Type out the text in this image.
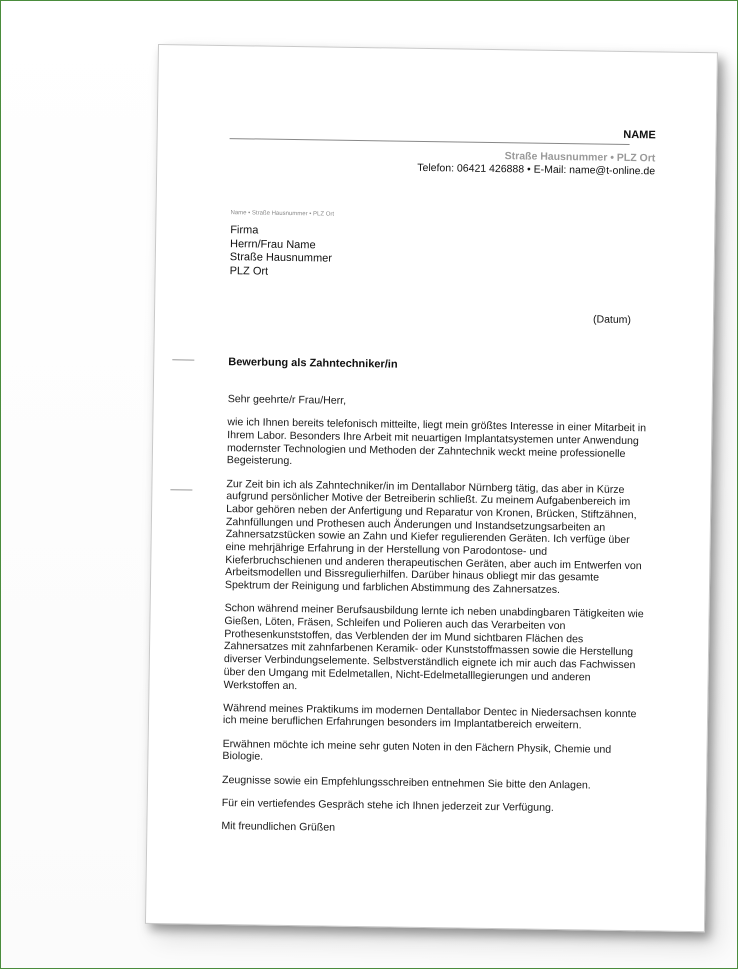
NAME
Straße Hausnummer • PLZ Ort
Telefon: 06421 426888 • E-Mail: name@t-online.de
Name • Straße Hausnummer • PLZ Ort
Firma
Herrn/Frau Name
Straße Hausnummer
PLZ Ort
(Datum)
Bewerbung als Zahntechniker/in

Sehr geehrte/r Frau/Herr,

wie ich Ihnen bereits telefonisch mitteilte, liegt mein größtes Interesse in einer Mitarbeit in Ihrem Labor. Besonders Ihre Arbeit mit neuartigen Implantatsystemen unter Anwendung modernster Technologien und Methoden der Zahntechnik weckt meine professionelle Begeisterung.

Zur Zeit bin ich als Zahntechniker/in im Dentallabor Nürnberg tätig, das aber in Kürze aufgrund persönlicher Motive der Betreiberin schließt. Zu meinem Aufgabenbereich im Labor gehören neben der Anfertigung und Reparatur von Kronen, Brücken, Stiftzähnen, Zahnfüllungen und Prothesen auch Änderungen und Instandsetzungsarbeiten an Zahnersatzstücken sowie an Zahn und Kiefer regulierenden Geräten. Ich verfüge über eine mehrjährige Erfahrung in der Herstellung von Parodontose- und Kieferbruchschienen und anderen therapeutischen Geräten, aber auch im Entwerfen von Arbeitsmodellen und Bissregulierhilfen. Darüber hinaus obliegt mir das gesamte Spektrum der Reinigung und farblichen Abstimmung des Zahnersatzes.

Schon während meiner Berufsausbildung lernte ich neben unabdingbaren Tätigkeiten wie Gießen, Löten, Fräsen, Schleifen und Polieren auch das Verarbeiten von Prothesenkunststoffen, das Verblenden der im Mund sichtbaren Flächen des Zahnersatzes mit zahnfarbenen Keramik- oder Kunststoffmassen sowie die Herstellung diverser Verbindungselemente. Selbstverständlich eignete ich mir auch das Fachwissen über den Umgang mit Edelmetallen, Nicht-Edelmetalllegierungen und anderen Werkstoffen an.

Während meines Praktikums im modernen Dentallabor Dentec in Niedersachsen konnte ich meine beruflichen Erfahrungen besonders im Implantatbereich erweitern.

Erwähnen möchte ich meine sehr guten Noten in den Fächern Physik, Chemie und Biologie.

Zeugnisse sowie ein Empfehlungsschreiben entnehmen Sie bitte den Anlagen.

Für ein vertiefendes Gespräch stehe ich Ihnen jederzeit zur Verfügung.

Mit freundlichen Grüßen
